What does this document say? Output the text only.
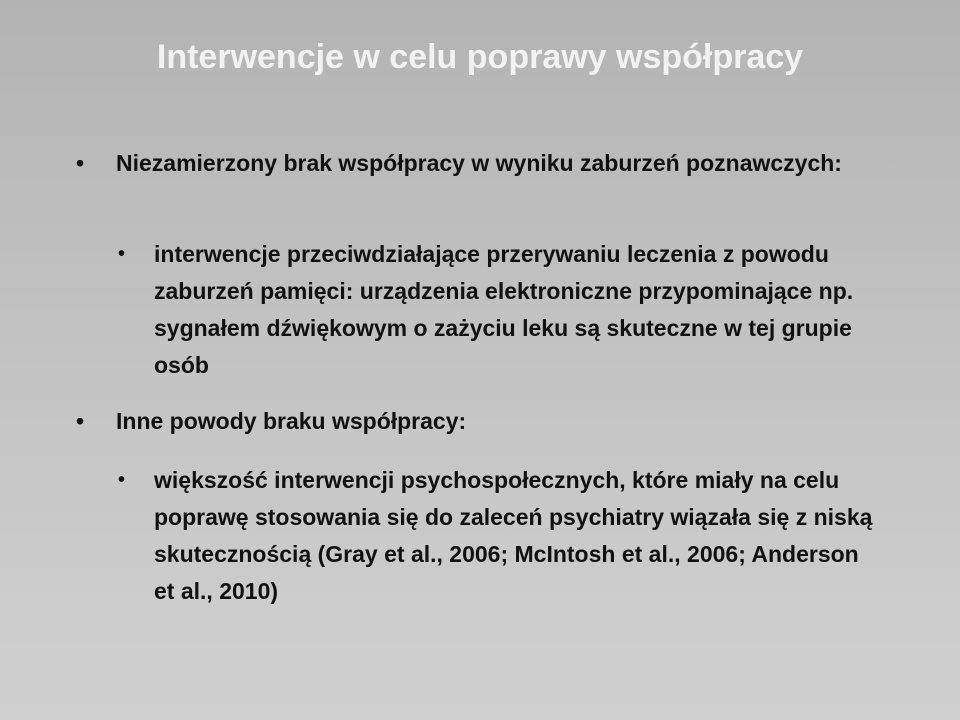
Interwencje w celu poprawy współpracy
• Niezamierzony brak współpracy w wyniku zaburzeń poznawczych:
•	interwencje przeciwdziałające przerywaniu leczenia z powodu zaburzeń pamięci: urządzenia elektroniczne przypominające np. sygnałem dźwiękowym o zażyciu leku są skuteczne w tej grupie osób
• Inne powody braku współpracy:
•	większość interwencji psychospołecznych, które miały na celu poprawę stosowania się do zaleceń psychiatry wiązała się z niską skutecznością (Gray et al., 2006; McIntosh et al., 2006; Anderson et al., 2010)
